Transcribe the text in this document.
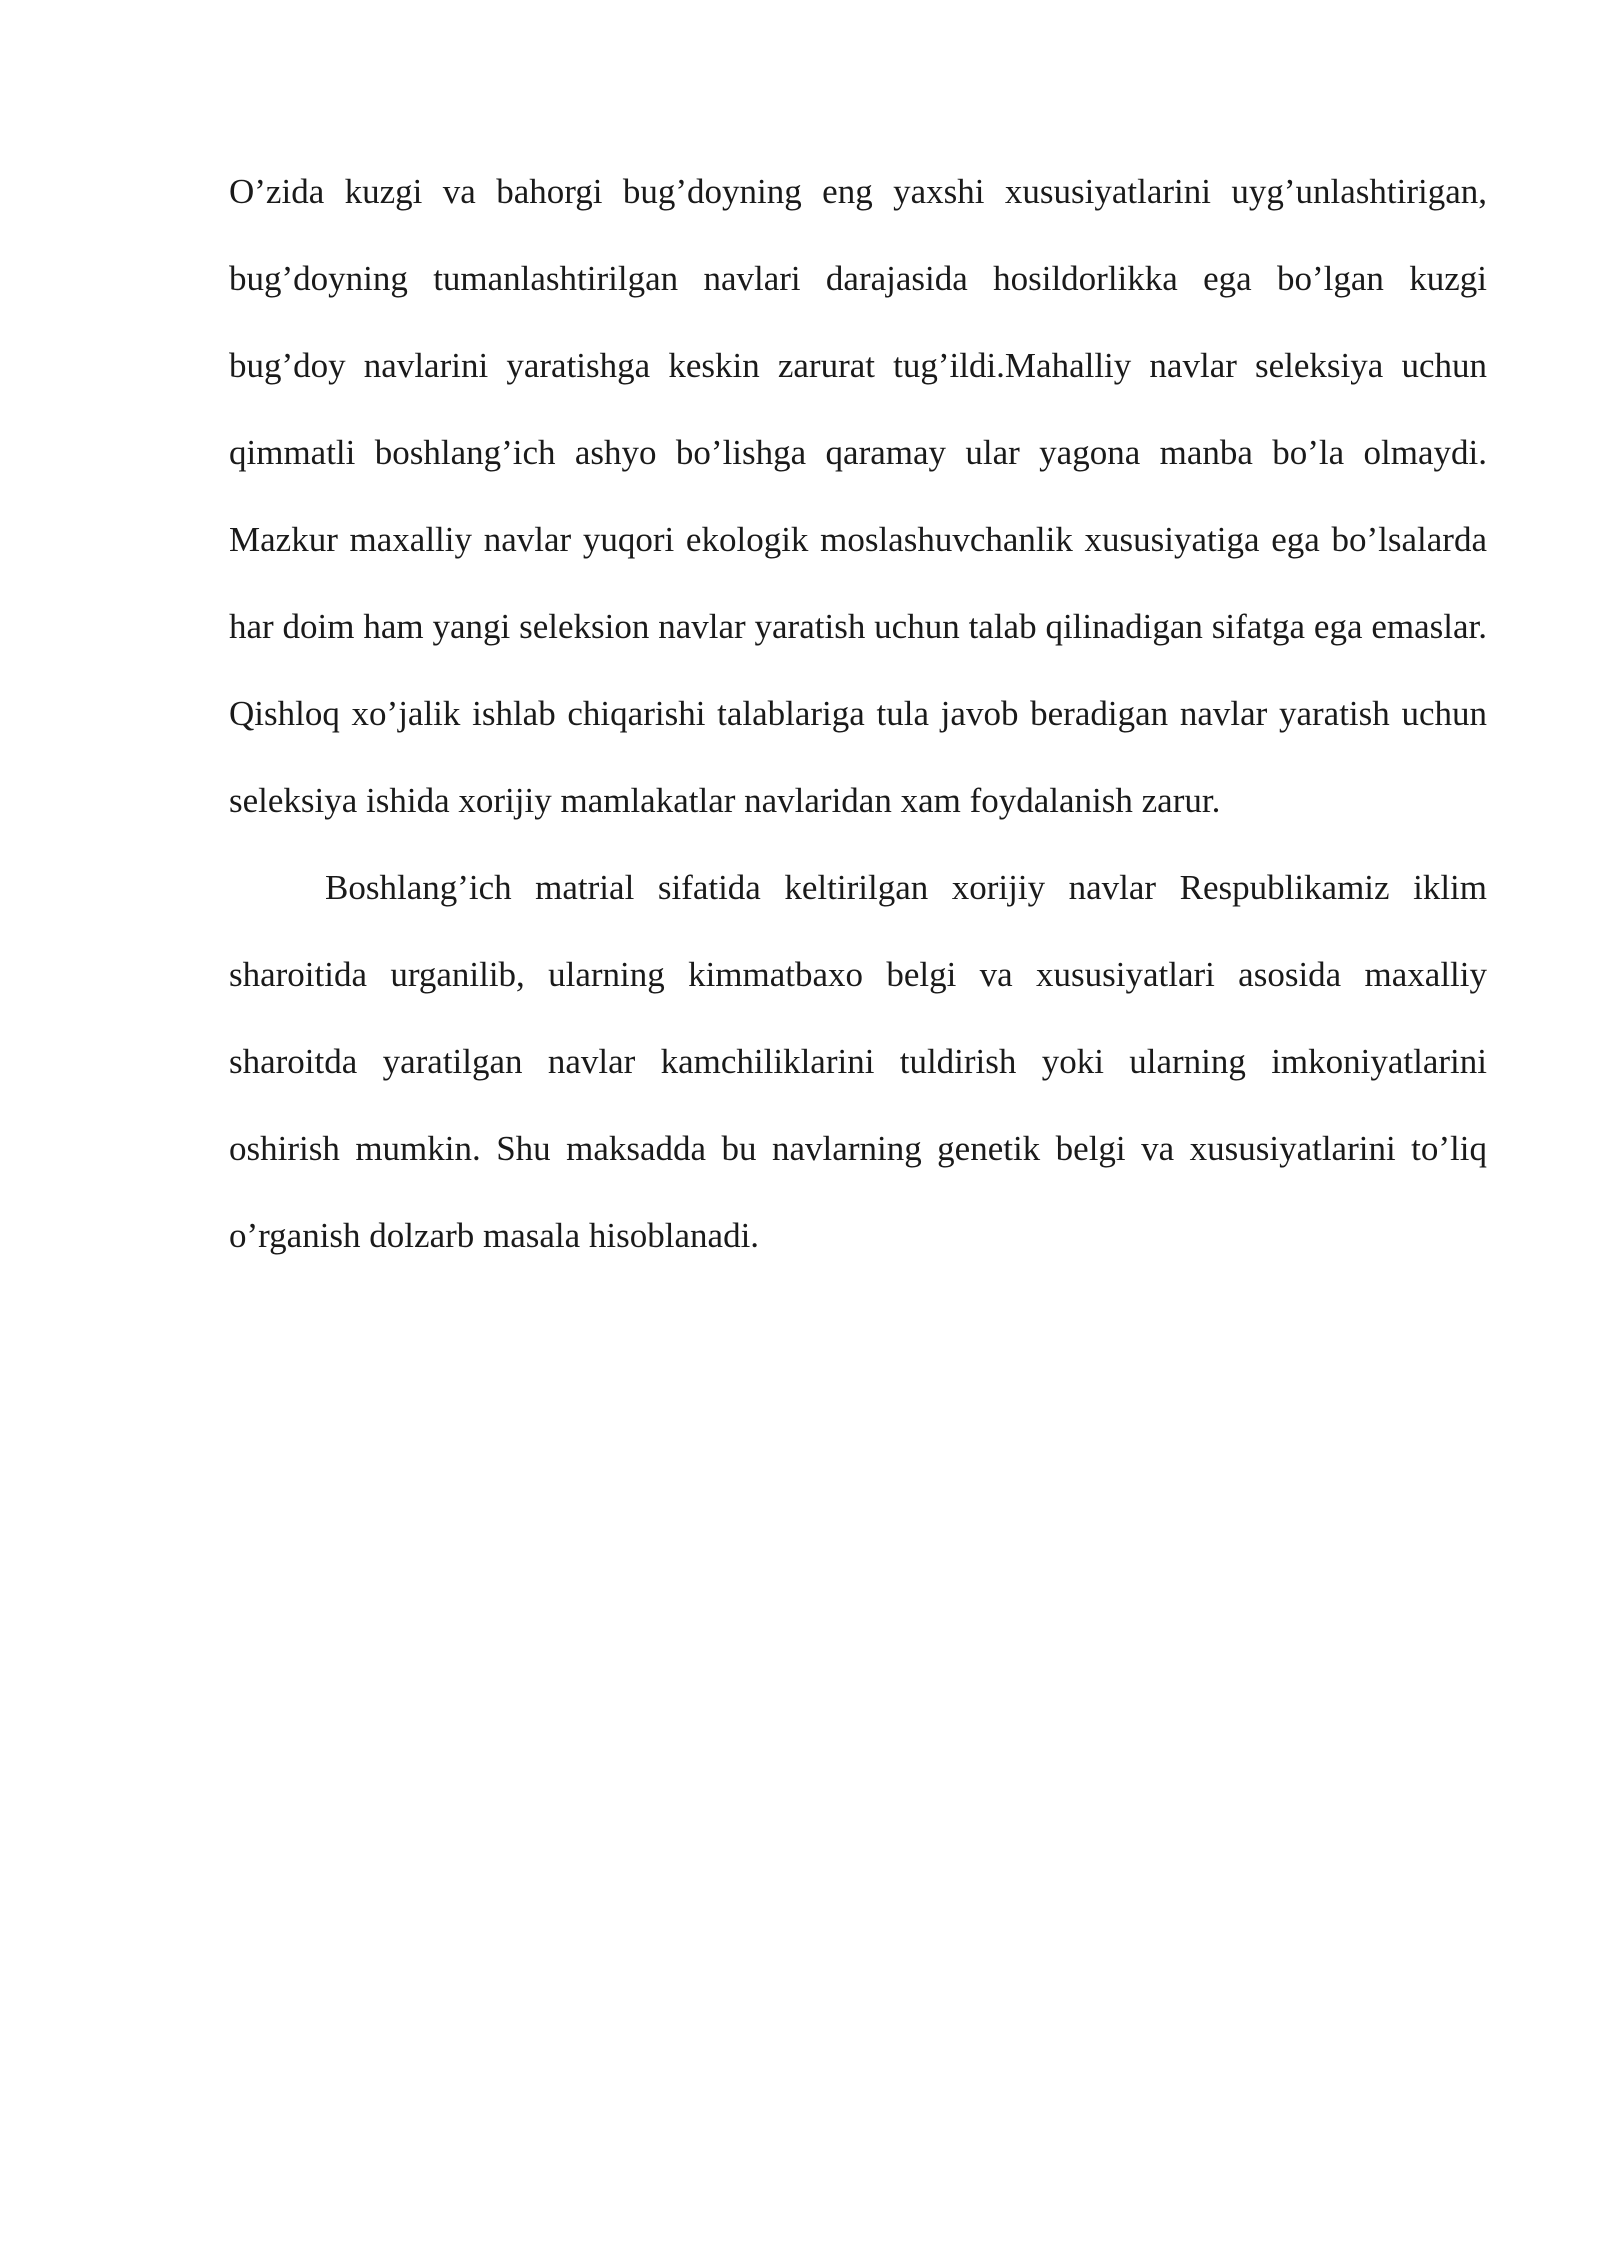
O’zida kuzgi va bahorgi bug’doyning eng yaxshi xususiyatlarini uyg’unlashtirigan, bug’doyning tumanlashtirilgan navlari darajasida hosildorlikka ega bo’lgan kuzgi bug’doy navlarini yaratishga keskin zarurat tug’ildi.Mahalliy navlar seleksiya uchun qimmatli boshlang’ich ashyo bo’lishga qaramay ular yagona manba bo’la olmaydi. Mazkur maxalliy navlar yuqori ekologik moslashuvchanlik xususiyatiga ega bo’lsalarda har doim ham yangi seleksion navlar yaratish uchun talab qilinadigan sifatga ega emaslar. Qishloq xo’jalik ishlab chiqarishi talablariga tula javob beradigan navlar yaratish uchun seleksiya ishida xorijiy mamlakatlar navlaridan xam foydalanish zarur.

Boshlang’ich matrial sifatida keltirilgan xorijiy navlar Respublikamiz iklim sharoitida urganilib, ularning kimmatbaxo belgi va xususiyatlari asosida maxalliy sharoitda yaratilgan navlar kamchiliklarini tuldirish yoki ularning imkoniyatlarini oshirish mumkin. Shu maksadda bu navlarning genetik belgi va xususiyatlarini to’liq o’rganish dolzarb masala hisoblanadi.
